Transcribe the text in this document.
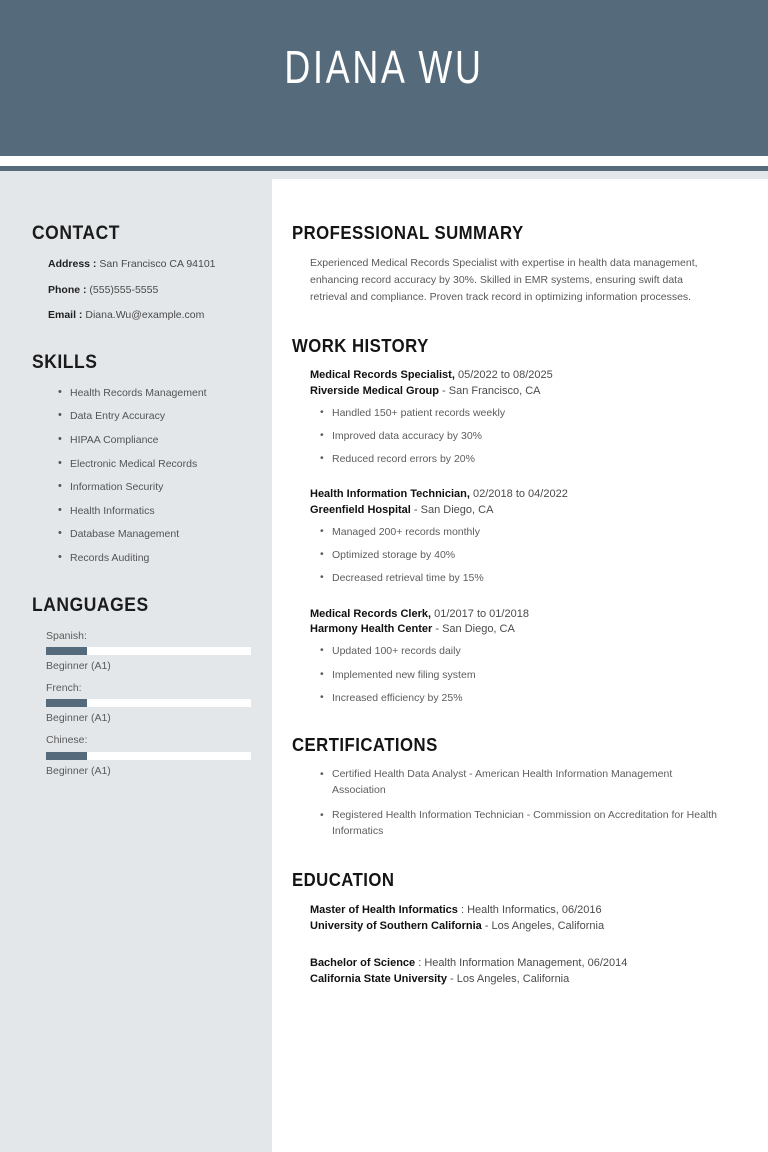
DIANA WU
CONTACT
Address : San Francisco CA 94101
Phone : (555)555-5555
Email : Diana.Wu@example.com
SKILLS
• Health Records Management
• Data Entry Accuracy
• HIPAA Compliance
• Electronic Medical Records
• Information Security
• Health Informatics
• Database Management
• Records Auditing
LANGUAGES
Spanish:
Beginner (A1)
French:
Beginner (A1)
Chinese:
Beginner (A1)
PROFESSIONAL SUMMARY

Experienced Medical Records Specialist with expertise in health data management, enhancing record accuracy by 30%. Skilled in EMR systems, ensuring swift data retrieval and compliance. Proven track record in optimizing information processes.

WORK HISTORY
Medical Records Specialist, 05/2022 to 08/2025
Riverside Medical Group - San Francisco, CA
• Handled 150+ patient records weekly
• Improved data accuracy by 30%
• Reduced record errors by 20%
Health Information Technician, 02/2018 to 04/2022
Greenfield Hospital - San Diego, CA
• Managed 200+ records monthly
• Optimized storage by 40%
• Decreased retrieval time by 15%
Medical Records Clerk, 01/2017 to 01/2018
Harmony Health Center - San Diego, CA
• Updated 100+ records daily
• Implemented new filing system
• Increased efficiency by 25%
CERTIFICATIONS
• Certified Health Data Analyst - American Health Information Management Association
• Registered Health Information Technician - Commission on Accreditation for Health Informatics
EDUCATION
Master of Health Informatics : Health Informatics, 06/2016
University of Southern California - Los Angeles, California
Bachelor of Science : Health Information Management, 06/2014
California State University - Los Angeles, California
